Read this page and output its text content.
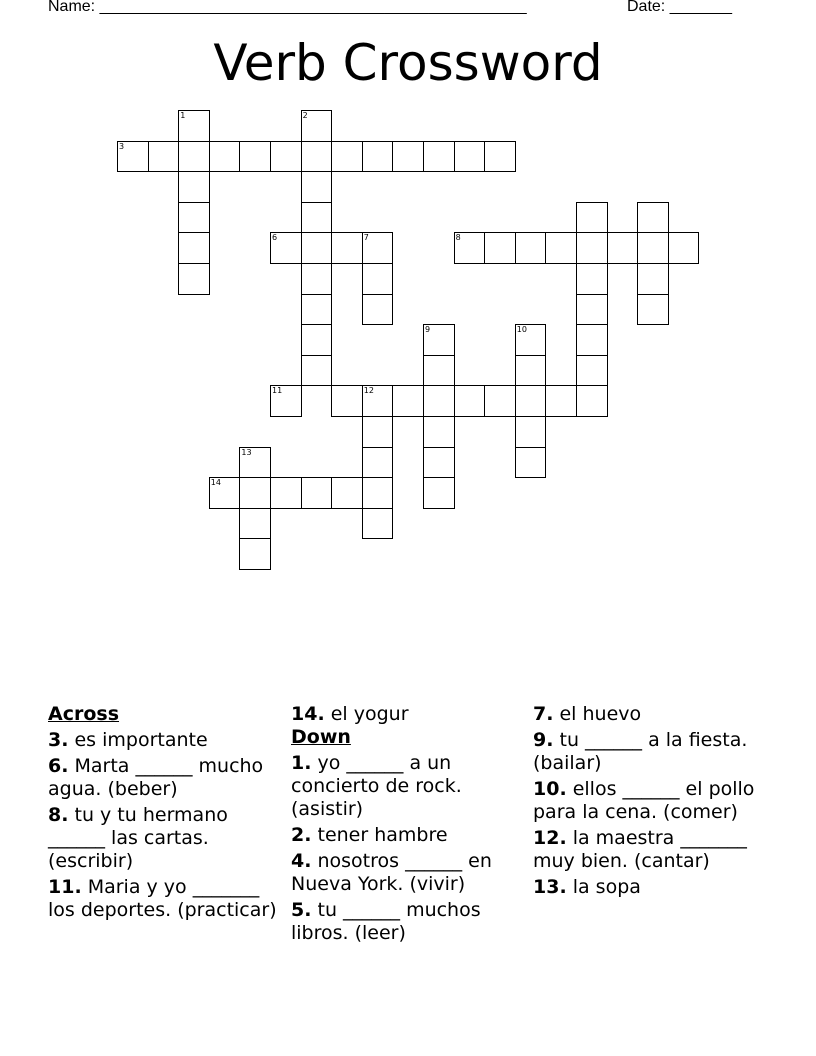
Name: ________________________________________________	Date: _______
Verb Crossword
3
1	2
6	7	8
11	12
9	10
14
13
Across
3. es importante
6. Marta ______ mucho agua. (beber)
8. tu y tu hermano ______ las cartas. (escribir)
11. Maria y yo _______ los deportes. (practicar)
14. el yogur
Down
1. yo ______ a un concierto de rock. (asistir)
2. tener hambre
4. nosotros ______ en Nueva York. (vivir)
5. tu ______ muchos libros. (leer)
7. el huevo
9. tu ______ a la fiesta. (bailar)
10. ellos ______ el pollo para la cena. (comer)
12. la maestra _______ muy bien. (cantar)
13. la sopa
